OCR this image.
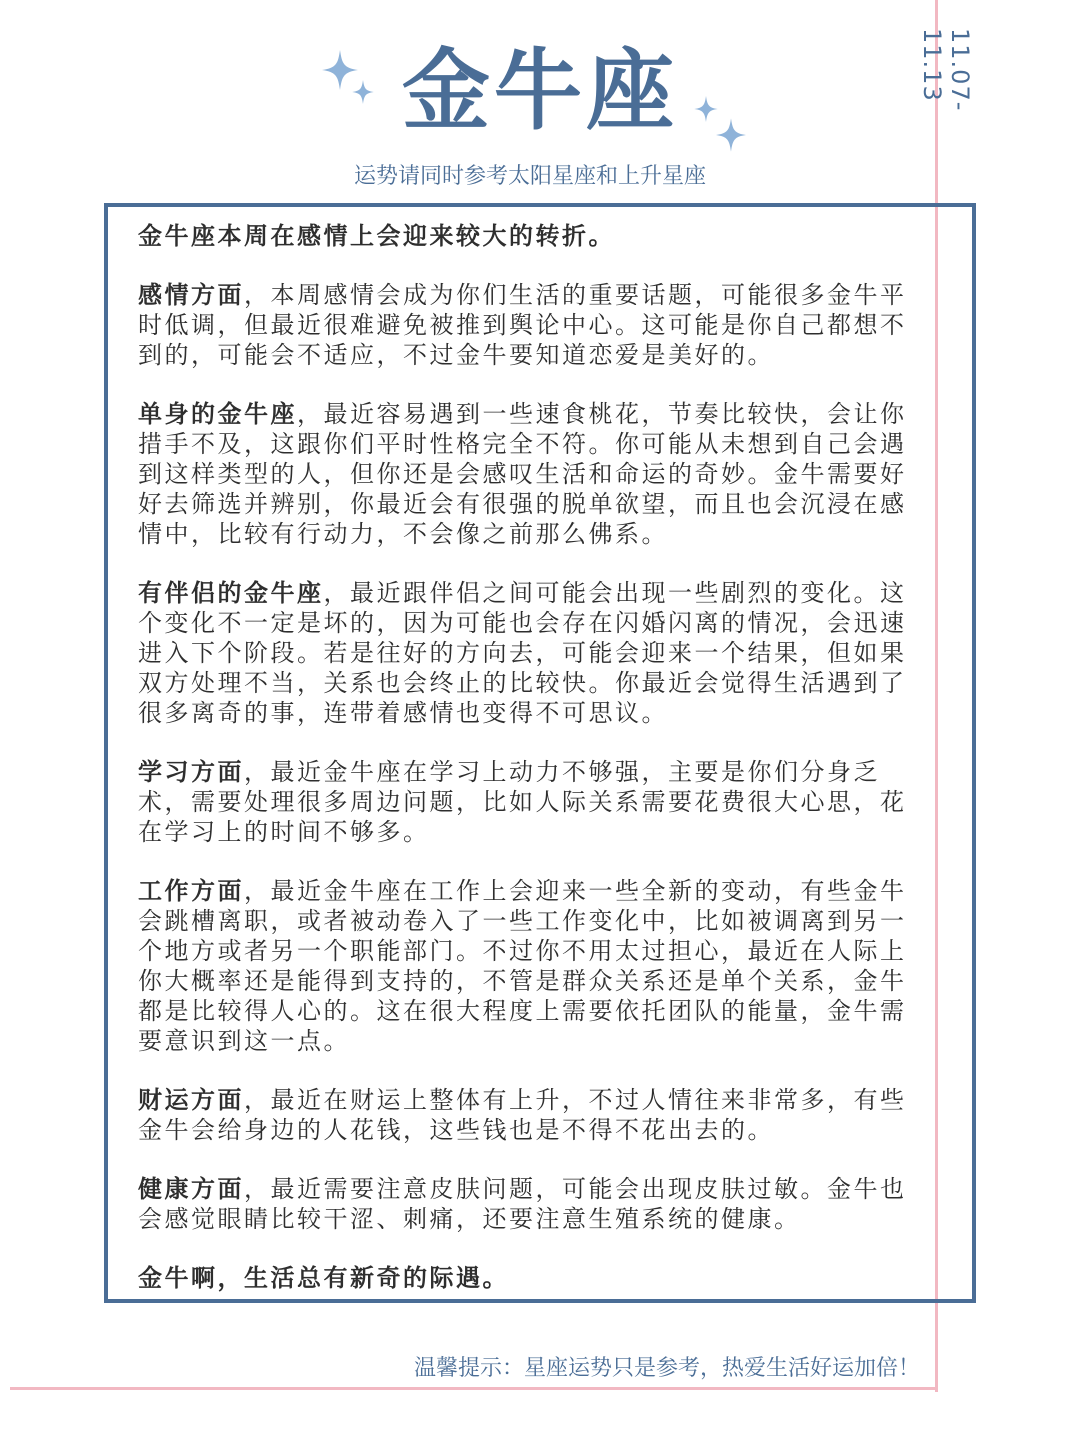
金牛座
运势请同时参考太阳星座和上升星座
11.07-11.13

金牛座本周在感情上会迎来较大的转折。

感情方面，本周感情会成为你们生活的重要话题，可能很多金牛平时低调，但最近很难避免被推到舆论中心。这可能是你自己都想不到的，可能会不适应，不过金牛要知道恋爱是美好的。

单身的金牛座，最近容易遇到一些速食桃花，节奏比较快，会让你措手不及，这跟你们平时性格完全不符。你可能从未想到自己会遇到这样类型的人，但你还是会感叹生活和命运的奇妙。金牛需要好好去筛选并辨别，你最近会有很强的脱单欲望，而且也会沉浸在感情中，比较有行动力，不会像之前那么佛系。

有伴侣的金牛座，最近跟伴侣之间可能会出现一些剧烈的变化。这个变化不一定是坏的，因为可能也会存在闪婚闪离的情况，会迅速进入下个阶段。若是往好的方向去，可能会迎来一个结果，但如果双方处理不当，关系也会终止的比较快。你最近会觉得生活遇到了很多离奇的事，连带着感情也变得不可思议。

学习方面，最近金牛座在学习上动力不够强，主要是你们分身乏术，需要处理很多周边问题，比如人际关系需要花费很大心思，花在学习上的时间不够多。

工作方面，最近金牛座在工作上会迎来一些全新的变动，有些金牛会跳槽离职，或者被动卷入了一些工作变化中，比如被调离到另一个地方或者另一个职能部门。不过你不用太过担心，最近在人际上你大概率还是能得到支持的，不管是群众关系还是单个关系，金牛都是比较得人心的。这在很大程度上需要依托团队的能量，金牛需要意识到这一点。

财运方面，最近在财运上整体有上升，不过人情往来非常多，有些金牛会给身边的人花钱，这些钱也是不得不花出去的。

健康方面，最近需要注意皮肤问题，可能会出现皮肤过敏。金牛也会感觉眼睛比较干涩、刺痛，还要注意生殖系统的健康。

金牛啊，生活总有新奇的际遇。

温馨提示：星座运势只是参考，热爱生活好运加倍！
